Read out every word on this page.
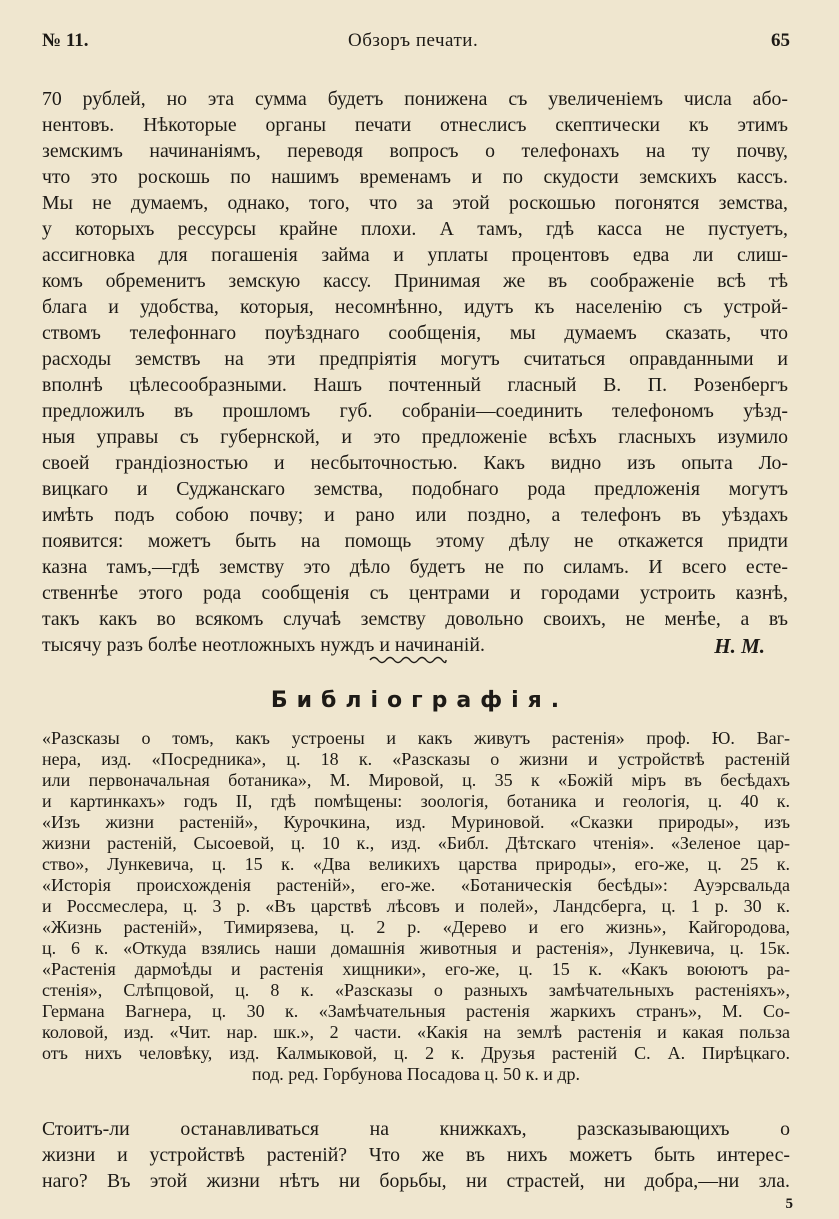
№ 11.	Обзоръ печати.	65
70 рублей, но эта сумма будетъ понижена съ увеличенiемъ числа або-
нентовъ. Нѣкоторые органы печати отнеслисъ скептически къ этимъ
земскимъ начинанiямъ, переводя вопросъ о телефонахъ на ту почву,
что это роскошь по нашимъ временамъ и по скудости земскихъ кассъ.
Мы не думаемъ, однако, того, что за этой роскошью погонятся земства,
у которыхъ рессурсы крайне плохи. А тамъ, гдѣ касса не пустуетъ,
ассигновка для погашенiя займа и уплаты процентовъ едва ли слиш-
комъ обременитъ земскую кассу. Принимая же въ соображенiе всѣ тѣ
блага и удобства, которыя, несомнѣнно, идутъ къ населенiю съ устрой-
ствомъ телефоннаго поуѣзднаго сообщенiя, мы думаемъ сказать, что
расходы земствъ на эти предпрiятiя могутъ считаться оправданными и
вполнѣ цѣлесообразными. Нашъ почтенный гласный В. П. Розенбергъ
предложилъ въ прошломъ губ. собранiи—соединить телефономъ уѣзд-
ныя управы съ губернской, и это предложенiе всѣхъ гласныхъ изумило
своей грандiозностью и несбыточностью. Какъ видно изъ опыта Ло-
вицкаго и Суджанскаго земства, подобнаго рода предложенiя могутъ
имѣть подъ собою почву; и рано или поздно, а телефонъ въ уѣздахъ
появится: можетъ быть на помощь этому дѣлу не откажется придти
казна тамъ,—гдѣ земству это дѣло будетъ не по силамъ. И всего есте-
ственнѣе этого рода сообщенiя съ центрами и городами устроить казнѣ,
такъ какъ во всякомъ случаѣ земству довольно своихъ, не менѣе, а въ
тысячу разъ болѣе неотложныхъ нуждъ и начинанiй.	Н. М.
Библiографiя.
«Разсказы о томъ, какъ устроены и какъ живутъ растенiя» проф. Ю. Ваг-
нера, изд. «Посредника», ц. 18 к. «Разсказы о жизни и устройствѣ растенiй
или первоначальная ботаника», М. Мировой, ц. 35 к «Божiй мiръ въ бесѣдахъ
и картинкахъ» годъ II, гдѣ помѣщены: зоологiя, ботаника и геологiя, ц. 40 к.
«Изъ жизни растенiй», Курочкина, изд. Муриновой. «Сказки природы», изъ
жизни растенiй, Сысоевой, ц. 10 к., изд. «Библ. Дѣтскаго чтенiя». «Зеленое цар-
ство», Лункевича, ц. 15 к. «Два великихъ царства природы», его-же, ц. 25 к.
«Исторiя происхожденiя растенiй», его-же. «Ботаническiя бесѣды»: Ауэрсвальда
и Россмеслера, ц. 3 р. «Въ царствѣ лѣсовъ и полей», Ландсберга, ц. 1 р. 30 к.
«Жизнь растенiй», Тимирязева, ц. 2 р. «Дерево и его жизнь», Кайгородова,
ц. 6 к. «Откуда взялись наши домашнiя животныя и растенiя», Лункевича, ц. 15к.
«Растенiя дармоѣды и растенiя хищники», его-же, ц. 15 к. «Какъ воюютъ ра-
стенiя», Слѣпцовой, ц. 8 к. «Разсказы о разныхъ замѣчательныхъ растенiяхъ»,
Германа Вагнера, ц. 30 к. «Замѣчательныя растенiя жаркихъ странъ», М. Со-
коловой, изд. «Чит. нар. шк.», 2 части. «Какiя на землѣ растенiя и какая польза
отъ нихъ человѣку, изд. Калмыковой, ц. 2 к. Друзья растенiй С. А. Пирѣцкаго.
под. ред. Горбунова Посадова ц. 50 к. и др.
Стоитъ-ли останавливаться на книжкахъ, разсказывающихъ о
жизни и устройствѣ растенiй? Что же въ нихъ можетъ быть интерес-
наго? Въ этой жизни нѣтъ ни борьбы, ни страстей, ни добра,—ни зла.
5
